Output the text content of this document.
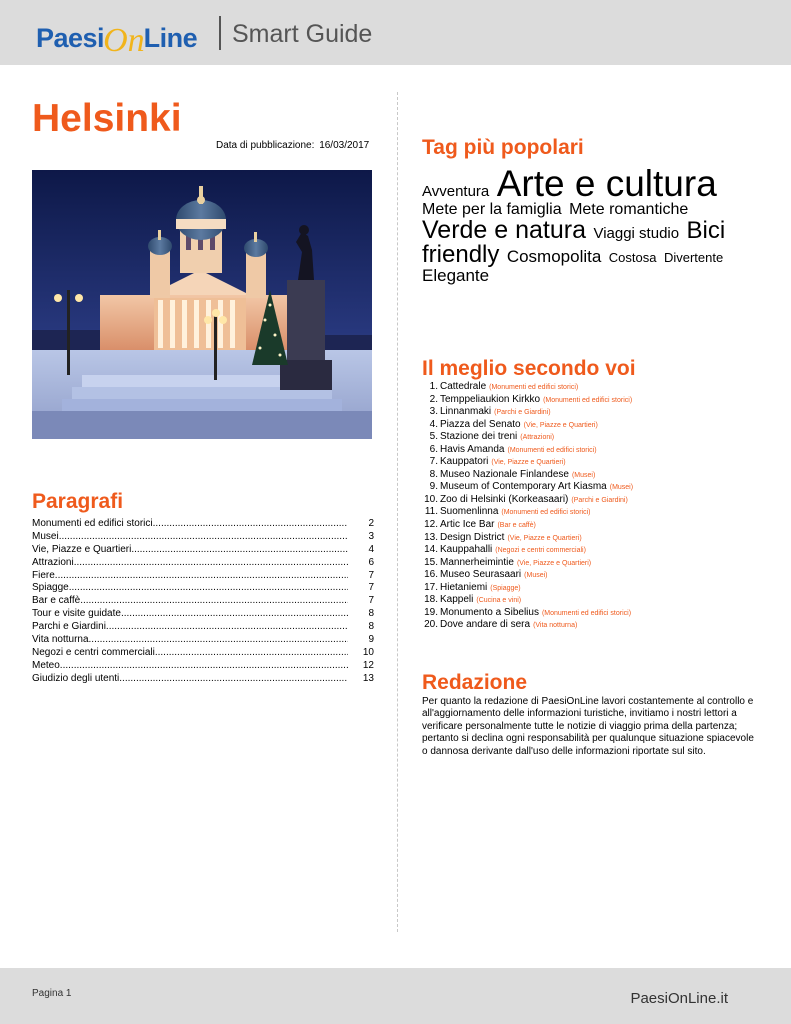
Paesi On Line Smart Guide
Helsinki
Data di pubblicazione: 16/03/2017
Paragrafi
Monumenti ed edifici storici .....	2
Musei .....	3
Vie, Piazze e Quartieri .....	4
Attrazioni .....	6
Fiere .....	7
Spiagge .....	7
Bar e caffè .....	7
Tour e visite guidate .....	8
Parchi e Giardini .....	8
Vita notturna .....	9
Negozi e centri commerciali .....	10
Meteo .....	12
Giudizio degli utenti .....	13
Tag più popolari
Avventura Arte e cultura Mete per la famiglia Mete romantiche Verde e natura Viaggi studio Bici friendly Cosmopolita Costosa Divertente Elegante
Il meglio secondo voi
1. Cattedrale (Monumenti ed edifici storici)
2. Temppeliaukion Kirkko (Monumenti ed edifici storici)
3. Linnanmaki (Parchi e Giardini)
4. Piazza del Senato (Vie, Piazze e Quartieri)
5. Stazione dei treni (Attrazioni)
6. Havis Amanda (Monumenti ed edifici storici)
7. Kauppatori (Vie, Piazze e Quartieri)
8. Museo Nazionale Finlandese (Musei)
9. Museum of Contemporary Art Kiasma (Musei)
10. Zoo di Helsinki (Korkeasaari) (Parchi e Giardini)
11. Suomenlinna (Monumenti ed edifici storici)
12. Artic Ice Bar (Bar e caffè)
13. Design District (Vie, Piazze e Quartieri)
14. Kauppahalli (Negozi e centri commerciali)
15. Mannerheimintie (Vie, Piazze e Quartieri)
16. Museo Seurasaari (Musei)
17. Hietaniemi (Spiagge)
18. Kappeli (Cucina e vini)
19. Monumento a Sibelius (Monumenti ed edifici storici)
20. Dove andare di sera (Vita notturna)
Redazione

Per quanto la redazione di PaesiOnLine lavori costantemente al controllo e all'aggiornamento delle informazioni turistiche, invitiamo i nostri lettori a verificare personalmente tutte le notizie di viaggio prima della partenza; pertanto si declina ogni responsabilità per qualunque situazione spiacevole o dannosa derivante dall'uso delle informazioni riportate sul sito.

Pagina 1	PaesiOnLine.it
